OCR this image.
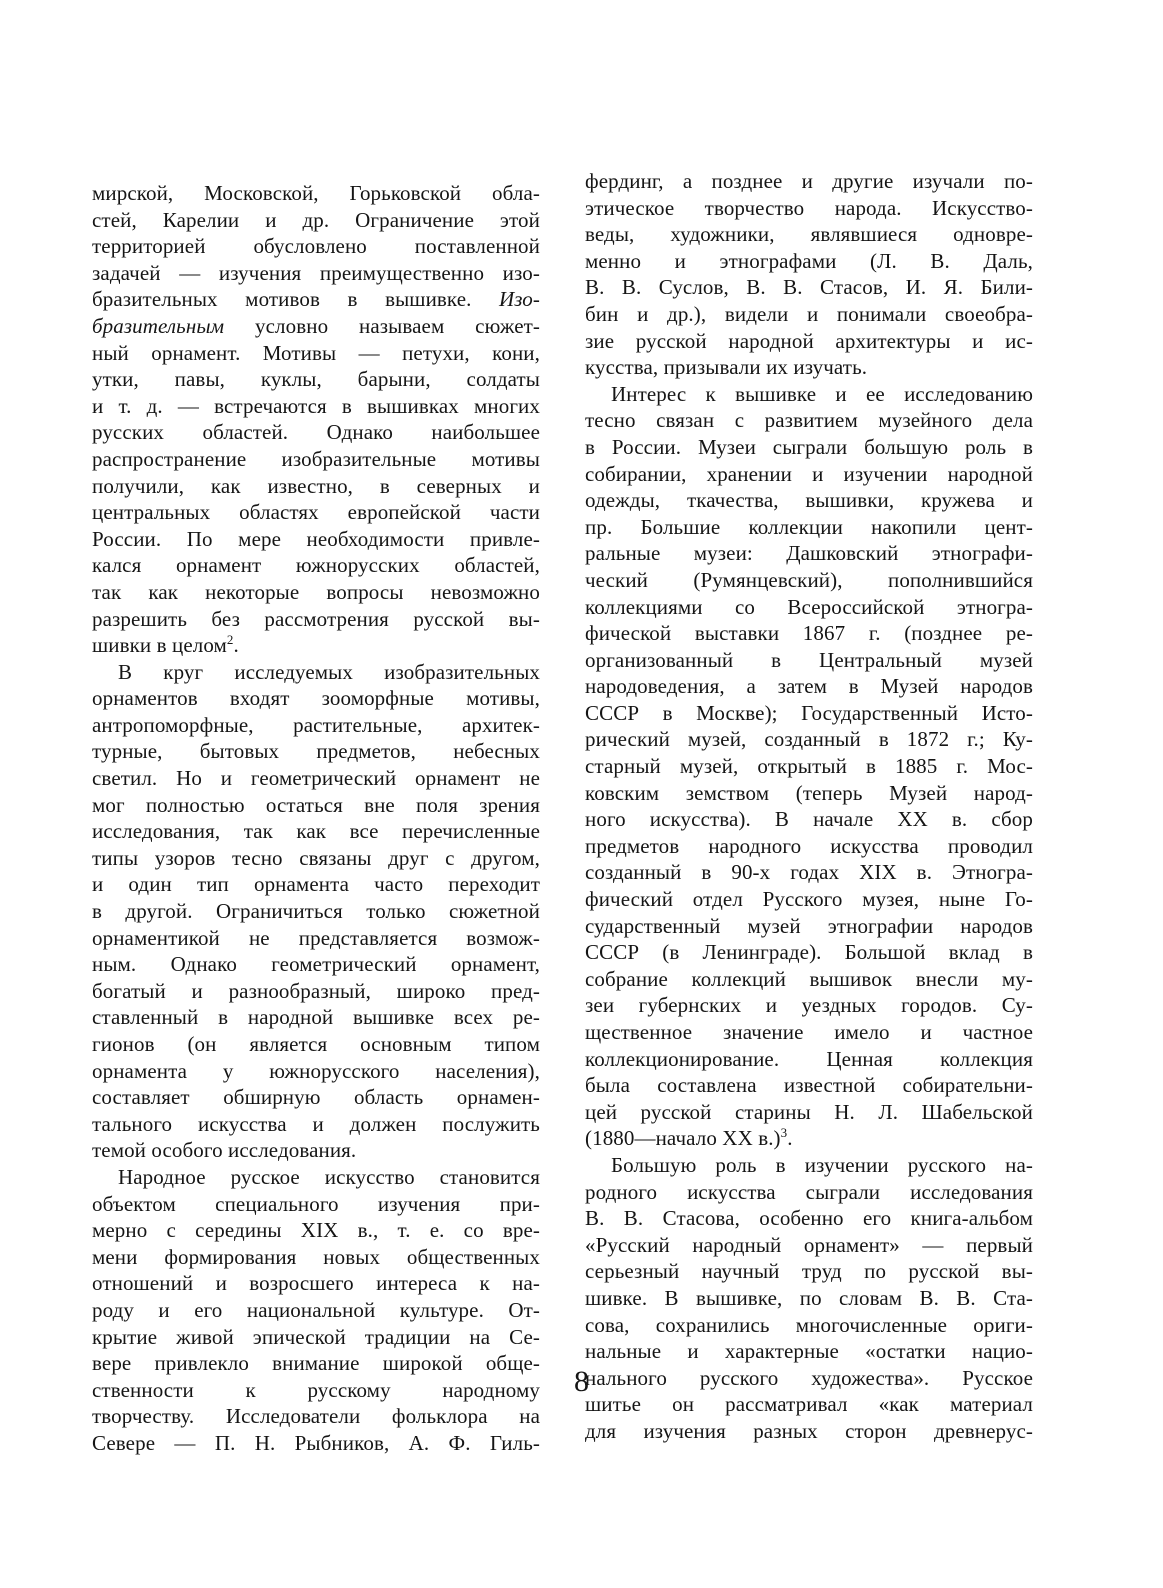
мирской, Московской, Горьковской обла-
стей, Карелии и др. Ограничение этой
территорией обусловлено поставленной
задачей — изучения преимущественно изо-
бразительных мотивов в вышивке. Изо-
бразительным условно называем сюжет-
ный орнамент. Мотивы — петухи, кони,
утки, павы, куклы, барыни, солдаты
и т. д. — встречаются в вышивках многих
русских областей. Однако наибольшее
распространение изобразительные мотивы
получили, как известно, в северных и
центральных областях европейской части
России. По мере необходимости привле-
кался орнамент южнорусских областей,
так как некоторые вопросы невозможно
разрешить без рассмотрения русской вы-
шивки в целом$^2$.
В круг исследуемых изобразительных
орнаментов входят зооморфные мотивы,
антропоморфные, растительные, архитек-
турные, бытовых предметов, небесных
светил. Но и геометрический орнамент не
мог полностью остаться вне поля зрения
исследования, так как все перечисленные
типы узоров тесно связаны друг с другом,
и один тип орнамента часто переходит
в другой. Ограничиться только сюжетной
орнаментикой не представляется возмож-
ным. Однако геометрический орнамент,
богатый и разнообразный, широко пред-
ставленный в народной вышивке всех ре-
гионов (он является основным типом
орнамента у южнорусского населения),
составляет обширную область орнамен-
тального искусства и должен послужить
темой особого исследования.
Народное русское искусство становится
объектом специального изучения при-
мерно с середины XIX в., т. е. со вре-
мени формирования новых общественных
отношений и возросшего интереса к на-
роду и его национальной культуре. От-
крытие живой эпической традиции на Се-
вере привлекло внимание широкой обще-
ственности к русскому народному
творчеству. Исследователи фольклора на
Севере — П. Н. Рыбников, А. Ф. Гиль-
фердинг, а позднее и другие изучали по-
этическое творчество народа. Искусство-
веды, художники, являвшиеся одновре-
менно и этнографами (Л. В. Даль,
В. В. Суслов, В. В. Стасов, И. Я. Били-
бин и др.), видели и понимали своеобра-
зие русской народной архитектуры и ис-
кусства, призывали их изучать.
Интерес к вышивке и ее исследованию
тесно связан с развитием музейного дела
в России. Музеи сыграли большую роль в
собирании, хранении и изучении народной
одежды, ткачества, вышивки, кружева и
пр. Большие коллекции накопили цент-
ральные музеи: Дашковский этнографи-
ческий (Румянцевский), пополнившийся
коллекциями со Всероссийской этногра-
фической выставки 1867 г. (позднее ре-
организованный в Центральный музей
народоведения, а затем в Музей народов
СССР в Москве); Государственный Исто-
рический музей, созданный в 1872 г.; Ку-
старный музей, открытый в 1885 г. Мос-
ковским земством (теперь Музей народ-
ного искусства). В начале XX в. сбор
предметов народного искусства проводил
созданный в 90-х годах XIX в. Этногра-
фический отдел Русского музея, ныне Го-
сударственный музей этнографии народов
СССР (в Ленинграде). Большой вклад в
собрание коллекций вышивок внесли му-
зеи губернских и уездных городов. Су-
щественное значение имело и частное
коллекционирование. Ценная коллекция
была составлена известной собирательни-
цей русской старины Н. Л. Шабельской
(1880—начало XX в.)$^3$.
Большую роль в изучении русского на-
родного искусства сыграли исследования
В. В. Стасова, особенно его книга-альбом
«Русский народный орнамент» — первый
серьезный научный труд по русской вы-
шивке. В вышивке, по словам В. В. Ста-
сова, сохранились многочисленные ориги-
нальные и характерные «остатки нацио-
нального русского художества». Русское
шитье он рассматривал «как материал
для изучения разных сторон древнерус-
8
